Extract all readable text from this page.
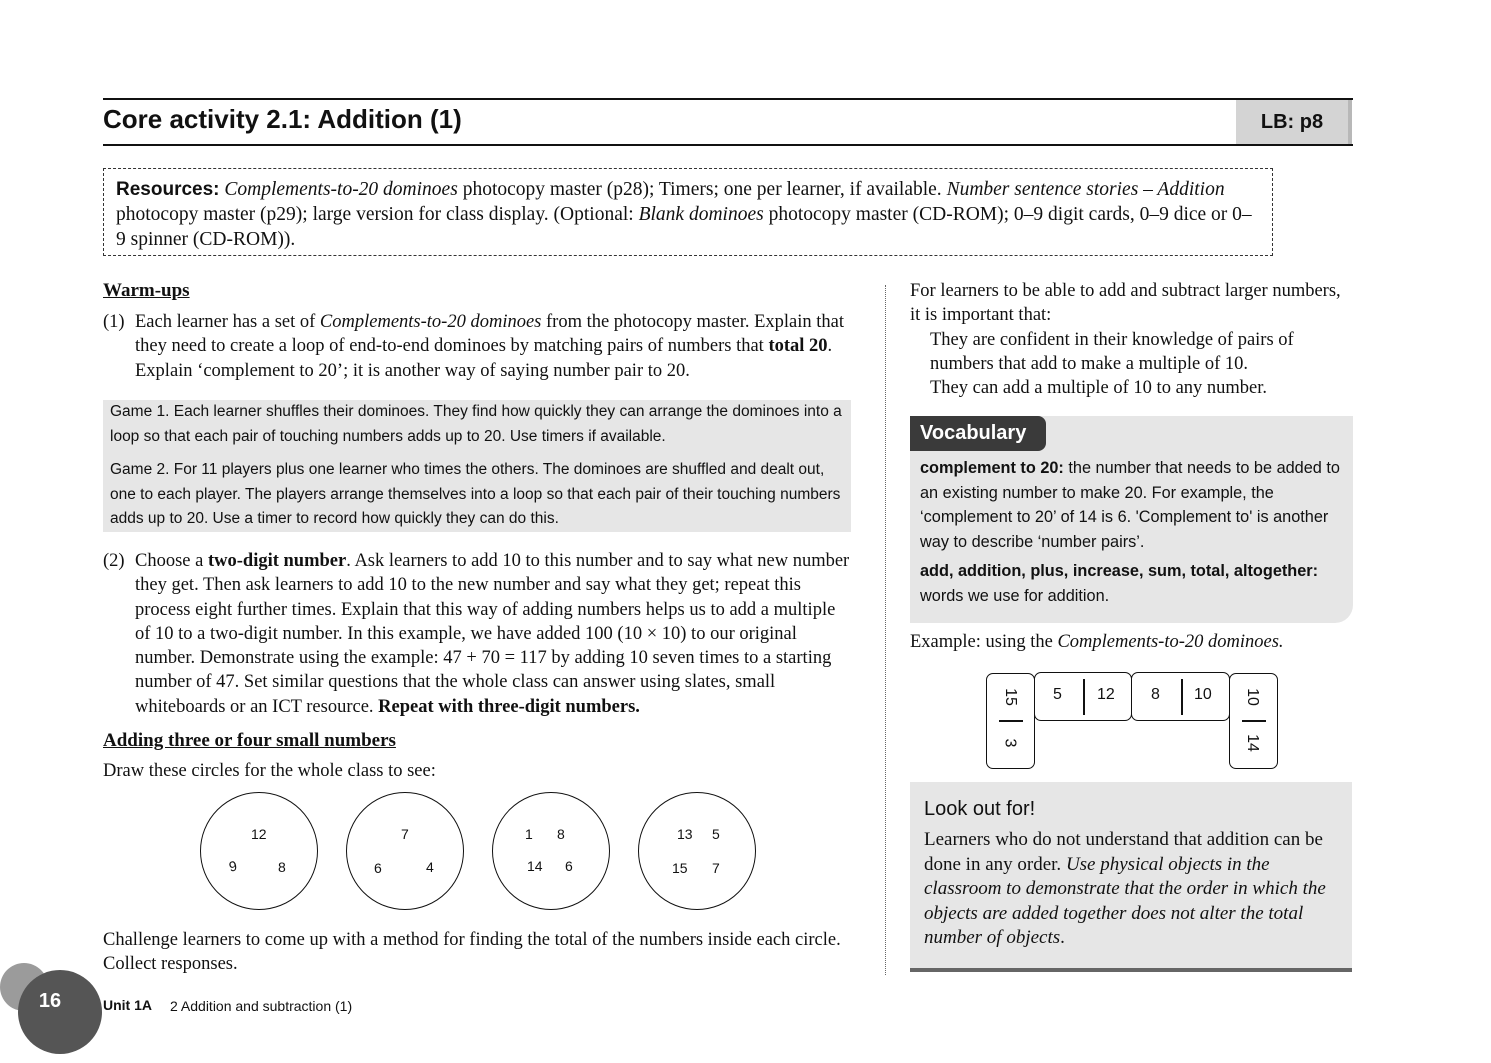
Core activity 2.1: Addition (1)	LB: p8
Resources: Complements-to-20 dominoes photocopy master (p28); Timers; one per learner, if available. Number sentence stories – Addition photocopy master (p29); large version for class display. (Optional: Blank dominoes photocopy master (CD-ROM); 0–9 digit cards, 0–9 dice or 0–9 spinner (CD-ROM)).
Warm-ups
(1) Each learner has a set of Complements-to-20 dominoes from the photocopy master. Explain that they need to create a loop of end-to-end dominoes by matching pairs of numbers that total 20. Explain ‘complement to 20’; it is another way of saying number pair to 20.

Game 1. Each learner shuffles their dominoes. They find how quickly they can arrange the dominoes into a loop so that each pair of touching numbers adds up to 20. Use timers if available.

Game 2. For 11 players plus one learner who times the others. The dominoes are shuffled and dealt out, one to each player. The players arrange themselves into a loop so that each pair of their touching numbers adds up to 20. Use a timer to record how quickly they can do this.

(2) Choose a two-digit number. Ask learners to add 10 to this number and to say what new number they get. Then ask learners to add 10 to the new number and say what they get; repeat this process eight further times. Explain that this way of adding numbers helps us to add a multiple of 10 to a two-digit number. In this example, we have added 100 (10 × 10) to our original number. Demonstrate using the example: 47 + 70 = 117 by adding 10 seven times to a starting number of 47. Set similar questions that the whole class can answer using slates, small whiteboards or an ICT resource. Repeat with three-digit numbers.
Adding three or four small numbers
Draw these circles for the whole class to see:
12
9	8
7
6	4
1 8
14 6
13 5
15 7
Challenge learners to come up with a method for finding the total of the numbers inside each circle. Collect responses.
For learners to be able to add and subtract larger numbers, it is important that:
They are confident in their knowledge of pairs of numbers that add to make a multiple of 10.
They can add a multiple of 10 to any number.
Vocabulary

complement to 20: the number that needs to be added to an existing number to make 20. For example, the ‘complement to 20’ of 14 is 6. 'Complement to' is another way to describe ‘number pairs’.

add, addition, plus, increase, sum, total, altogether: words we use for addition.

Example: using the Complements-to-20 dominoes.
15
3
5 12 8 10 10
14
Look out for!
Learners who do not understand that addition can be done in any order. Use physical objects in the classroom to demonstrate that the order in which the objects are added together does not alter the total number of objects.
16	Unit 1A 2 Addition and subtraction (1)
